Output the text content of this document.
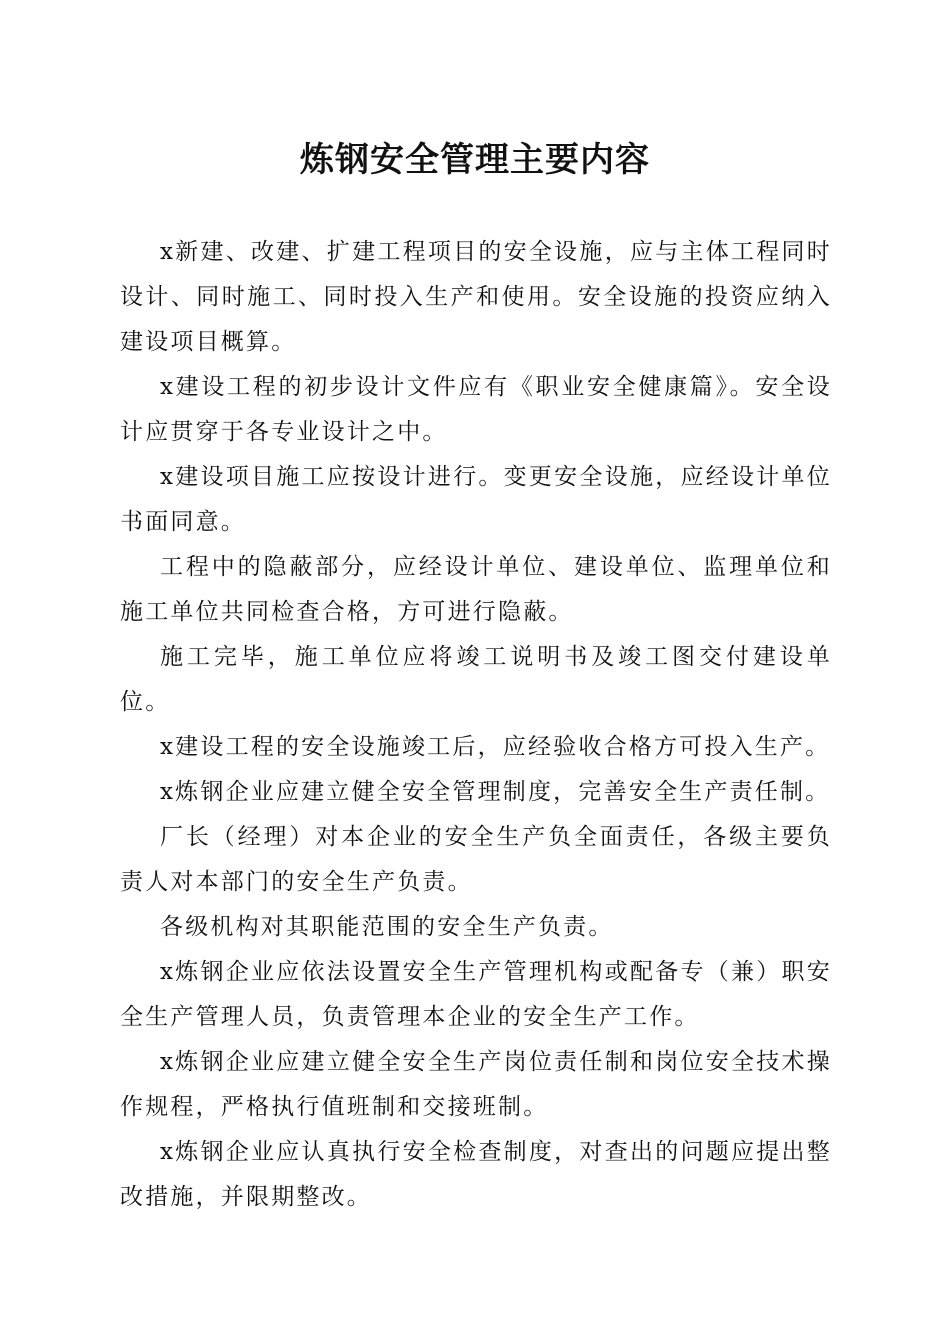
炼钢安全管理主要内容

x新建、改建、扩建工程项目的安全设施，应与主体工程同时设计、同时施工、同时投入生产和使用。安全设施的投资应纳入建设项目概算。

x建设工程的初步设计文件应有《职业安全健康篇》。安全设计应贯穿于各专业设计之中。

x建设项目施工应按设计进行。变更安全设施，应经设计单位书面同意。

工程中的隐蔽部分，应经设计单位、建设单位、监理单位和施工单位共同检查合格，方可进行隐蔽。

施工完毕，施工单位应将竣工说明书及竣工图交付建设单位。

x建设工程的安全设施竣工后，应经验收合格方可投入生产。

x炼钢企业应建立健全安全管理制度，完善安全生产责任制。

厂长（经理）对本企业的安全生产负全面责任，各级主要负责人对本部门的安全生产负责。

各级机构对其职能范围的安全生产负责。

x炼钢企业应依法设置安全生产管理机构或配备专（兼）职安全生产管理人员，负责管理本企业的安全生产工作。

x炼钢企业应建立健全安全生产岗位责任制和岗位安全技术操作规程，严格执行值班制和交接班制。

x炼钢企业应认真执行安全检查制度，对查出的问题应提出整改措施，并限期整改。
